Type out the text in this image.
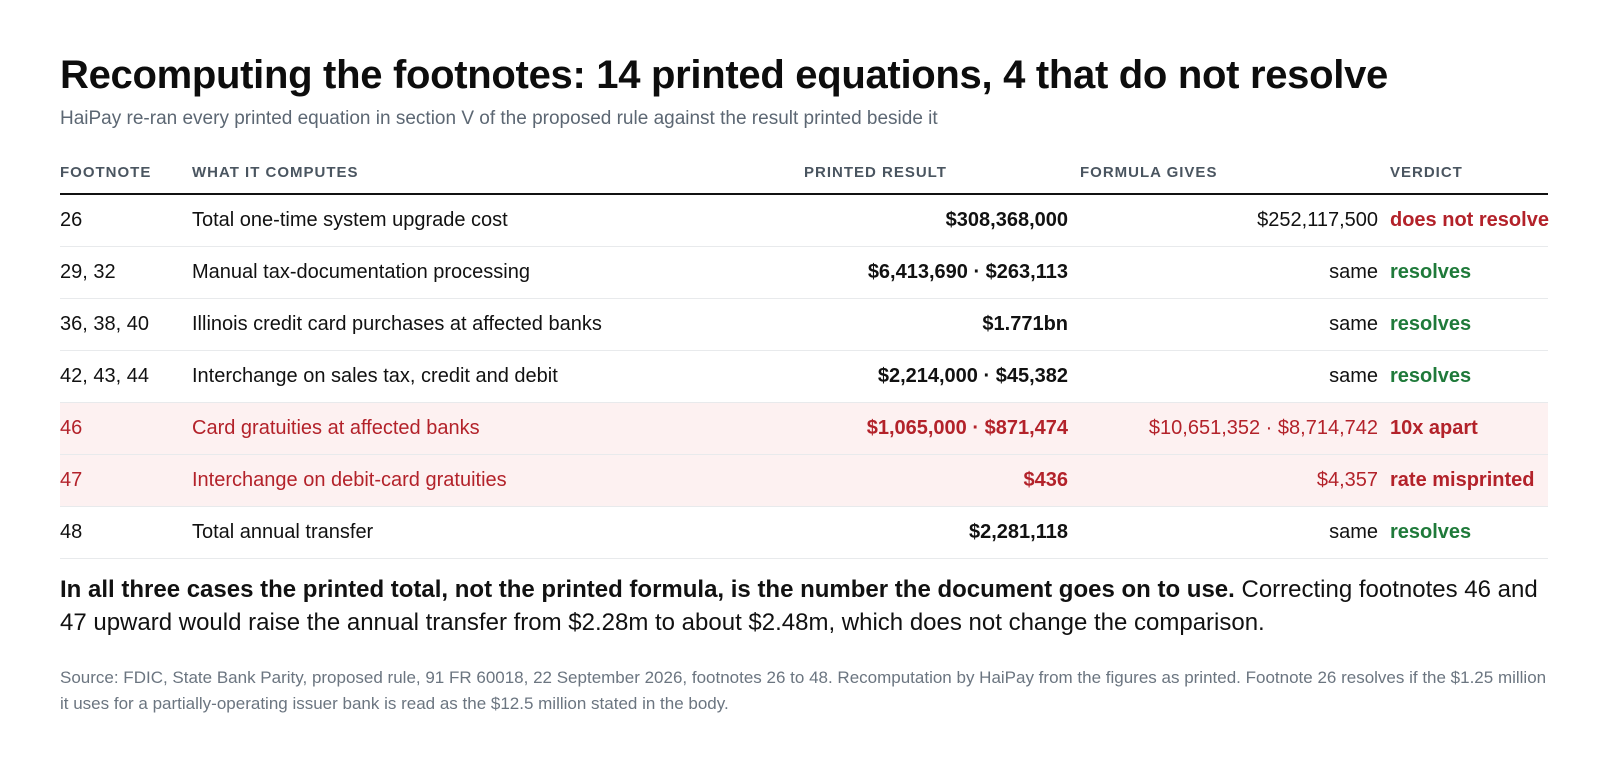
Recomputing the footnotes: 14 printed equations, 4 that do not resolve
HaiPay re-ran every printed equation in section V of the proposed rule against the result printed beside it
FOOTNOTE	WHAT IT COMPUTES	PRINTED RESULT	FORMULA GIVES	VERDICT
26	Total one-time system upgrade cost	$308,368,000	$252,117,500	does not resolve
29, 32	Manual tax-documentation processing	$6,413,690 · $263,113	same	resolves
36, 38, 40	Illinois credit card purchases at affected banks	$1.771bn	same	resolves
42, 43, 44	Interchange on sales tax, credit and debit	$2,214,000 · $45,382	same	resolves
46	Card gratuities at affected banks	$1,065,000 · $871,474	$10,651,352 · $8,714,742	10x apart
47	Interchange on debit-card gratuities	$436	$4,357	rate misprinted
48	Total annual transfer	$2,281,118	same	resolves

In all three cases the printed total, not the printed formula, is the number the document goes on to use. Correcting footnotes 46 and 47 upward would raise the annual transfer from $2.28m to about $2.48m, which does not change the comparison.

Source: FDIC, State Bank Parity, proposed rule, 91 FR 60018, 22 September 2026, footnotes 26 to 48. Recomputation by HaiPay from the figures as printed. Footnote 26 resolves if the $1.25 million it uses for a partially-operating issuer bank is read as the $12.5 million stated in the body.
